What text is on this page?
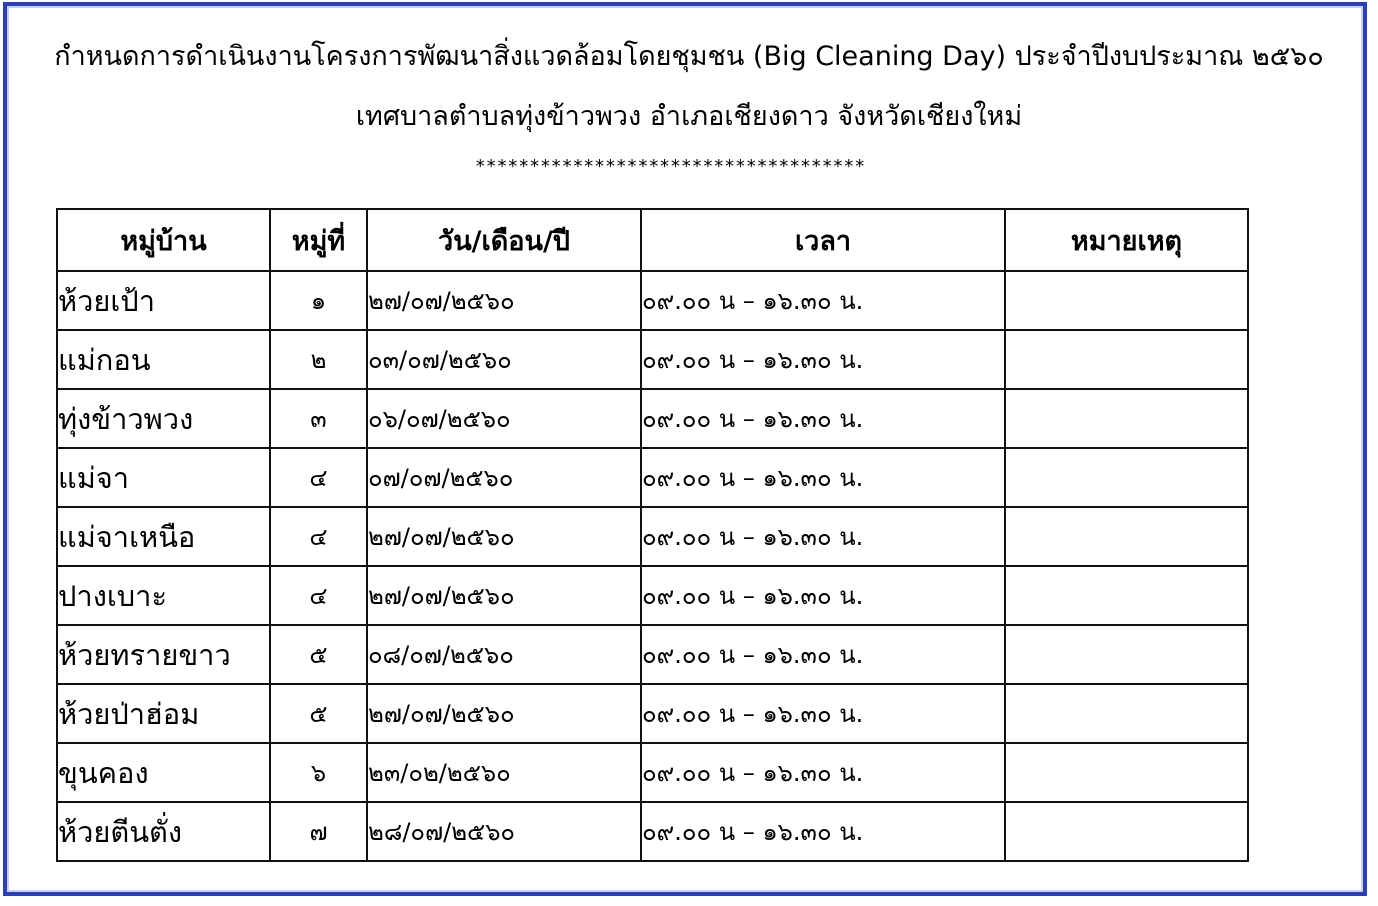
กำหนดการดำเนินงานโครงการพัฒนาสิ่งแวดล้อมโดยชุมชน (Big Cleaning Day) ประจำปีงบประมาณ ๒๕๖๐
เทศบาลตำบลทุ่งข้าวพวง อำเภอเชียงดาว จังหวัดเชียงใหม่
************************************
หมู่บ้าน	หมู่ที่	วัน/เดือน/ปี	เวลา	หมายเหตุ
ห้วยเป้า	๑	๒๗/๐๗/๒๕๖๐	๐๙.๐๐ น – ๑๖.๓๐ น.	
แม่กอน	๒	๐๓/๐๗/๒๕๖๐	๐๙.๐๐ น – ๑๖.๓๐ น.	
ทุ่งข้าวพวง	๓	๐๖/๐๗/๒๕๖๐	๐๙.๐๐ น – ๑๖.๓๐ น.	
แม่จา	๔	๐๗/๐๗/๒๕๖๐	๐๙.๐๐ น – ๑๖.๓๐ น.	
แม่จาเหนือ	๔	๒๗/๐๗/๒๕๖๐	๐๙.๐๐ น – ๑๖.๓๐ น.	
ปางเบาะ	๔	๒๗/๐๗/๒๕๖๐	๐๙.๐๐ น – ๑๖.๓๐ น.	
ห้วยทรายขาว	๕	๐๘/๐๗/๒๕๖๐	๐๙.๐๐ น – ๑๖.๓๐ น.	
ห้วยป่าฮ่อม	๕	๒๗/๐๗/๒๕๖๐	๐๙.๐๐ น – ๑๖.๓๐ น.	
ขุนคอง	๖	๒๓/๐๒/๒๕๖๐	๐๙.๐๐ น – ๑๖.๓๐ น.	
ห้วยตีนตั่ง	๗	๒๘/๐๗/๒๕๖๐	๐๙.๐๐ น – ๑๖.๓๐ น.	
